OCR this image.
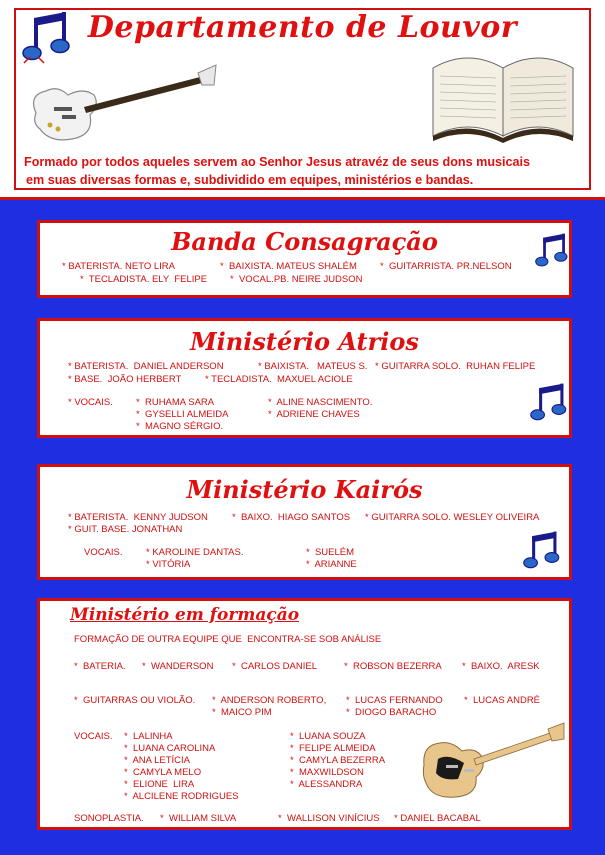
Departamento de Louvor
Formado por todos aqueles servem ao Senhor Jesus atravéz de seus dons musicais
em suas diversas formas e, subdividido em equipes, ministérios e bandas.
Banda Consagração
* BATERISTA. NETO LIRA	*  BAIXISTA. MATEUS SHALÉM *  GUITARRISTA. PR.NELSON
*  TECLADISTA. ELY  FELIPE *  VOCAL.PB. NEIRE JUDSON
Ministério Atrios
* BATERISTA.  DANIEL ANDERSON	* BAIXISTA.   MATEUS S. * GUITARRA SOLO.  RUHAN FELIPE
* BASE.  JOÃO HERBERT * TECLADISTA.  MAXUEL ACIOLE
* VOCAIS. *  RUHAMA SARA
*  GYSELLI ALMEIDA
*  MAGNO SÉRGIO.
*  ALINE NASCIMENTO.
*  ADRIENE CHAVES
Ministério Kairós
* BATERISTA.  KENNY JUDSON	*  BAIXO.  HIAGO SANTOS * GUITARRA SOLO. WESLEY OLIVEIRA
* GUIT. BASE. JONATHAN
VOCAIS. * KAROLINE DANTAS.
* VITÓRIA
*  SUELÉM
*  ARIANNE
Ministério em formação
FORMAÇÃO DE OUTRA EQUIPE QUE  ENCONTRA-SE SOB ANÁLISE
*  BATERIA. *  WANDERSON *  CARLOS DANIEL	*  ROBSON BEZERRA *  BAIXO.  ARESK
*  GUITARRAS OU VIOLÃO. *  ANDERSON ROBERTO, *  LUCAS FERNANDO *  LUCAS ANDRÉ
*  MAICO PIM	*  DIOGO BARACHO
VOCAIS. *  LALINHA
*  LUANA CAROLINA
*  ANA LETÍCIA
*  CAMYLA MELO
*  ELIONE  LIRA
*  ALCILENE RODRIGUES
*  LUANA SOUZA
*  FELIPE ALMEIDA
*  CAMYLA BEZERRA
*  MAXWILDSON
*  ALESSANDRA
SONOPLASTIA. *  WILLIAM SILVA	*  WALLISON VINÍCIUS * DANIEL BACABAL
